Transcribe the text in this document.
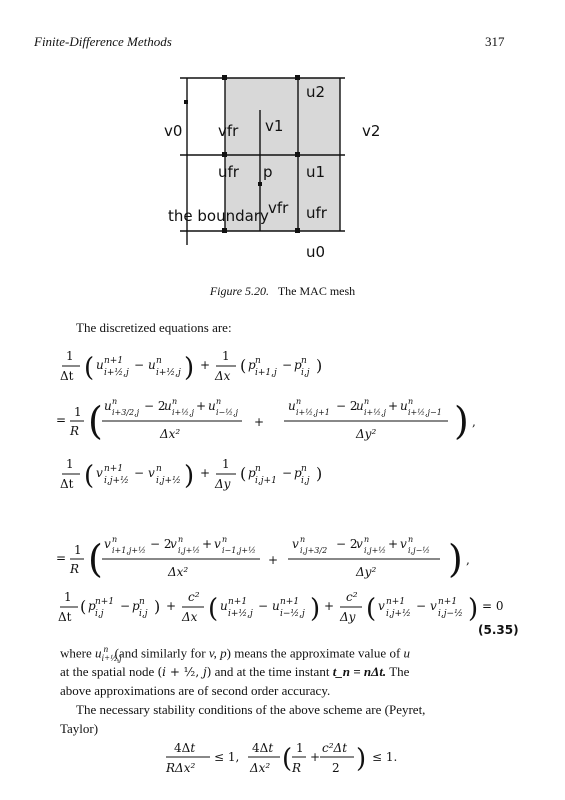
Finite-Difference Methods	317
u2
v0 vfr v1	v2
ufr p u1
the boundary vfr ufr
u0
Figure 5.20. The MAC mesh
The discretized equations are:
1
Δt ( u n+1
i+½,j
− u n
i+½,j ) +
1
Δx
( p n
i+1,j
− p n
i,j )
=
1
R ( u n
i+3/2,j − 2
u n
i+½,j + u n
i−½,j
Δx²
+
u n
i+½,j+1 − 2
u n
i+½,j + u n
i+½,j−1
Δy² ) ,
1
Δt ( v n+1
i,j+½
− v n
i,j+½ ) +
1
Δy
( p n
i,j+1
− p n
i,j )
=
1
R ( v n
i+1,j+½ − 2
v n
i,j+½ + v n
i−1,j+½
Δx²
+
v n
i,j+3/2 − 2
v n
i,j+½ + v n
i,j−½
Δy² ) ,
1
Δt
( p n+1
i,j
− p n
i,j ) +
c²
Δx ( u n+1
i+½,j
− u n+1
i−½,j ) +
c²
Δy ( v n+1
i,j+½
− v n+1
i,j−½ ) = 0
(5.35)
where $u_{i+\frac{1}{2},j}^n$ (and similarly for v, p) means the approximate value of u
at the spatial node (i + ½, j) and at the time instant t_n = nΔt. The
above approximations are of second order accuracy.
The necessary stability conditions of the above scheme are (Peyret,
Taylor)
4Δt
RΔx²
≤ 1,
4Δt
Δx² ( 1
R
+
c²Δt
2 ) ≤ 1.
